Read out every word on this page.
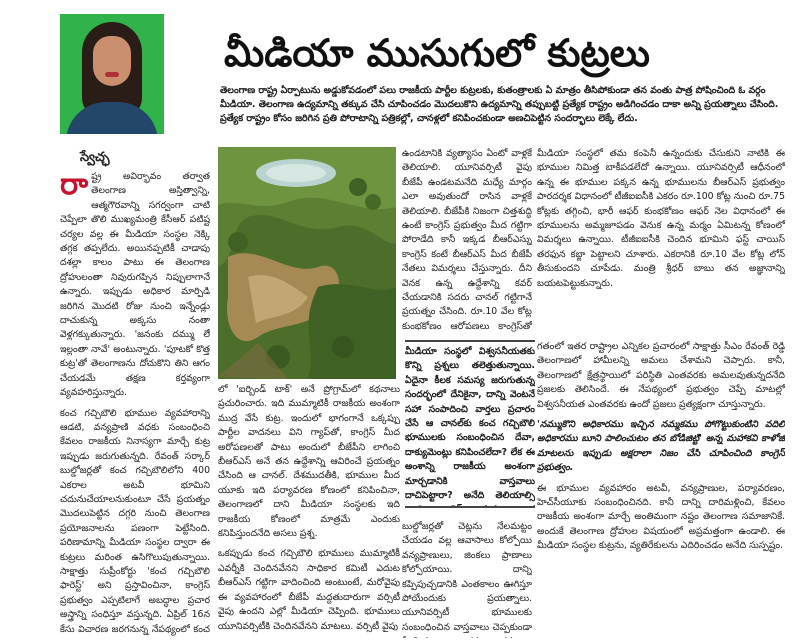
మీడియా ముసుగులో కుట్రలు
తెలంగాణ రాష్ట్ర ఏర్పాటును అడ్డుకోవడంలో పలు రాజకీయ పార్టీల కుట్రలకు, కుతంత్రాలకు ఏ మాత్రం తీసిపోకుండా తన వంతు పాత్ర పోషించింది ఓ వర్గం మీడియా. తెలంగాణ ఉద్యమాన్ని తక్కువ చేసి చూపించడం మొదలుకొని ఉద్యమాన్ని తప్పుబట్టి ప్రత్యేక రాష్ట్రం అడిగించడం దాకా అన్ని ప్రయత్నాలు చేసింది. ప్రత్యేక రాష్ట్రం కోసం జరిగిన ప్రతి పోరాటాన్ని పత్రికల్లో, చానళ్లలో కనిపించకుండా అణచిపెట్టిన సందర్భాలు లెక్కే లేదు.
స్వేచ్ఛ

రాష్ట్ర అవిర్భావం తర్వాత తెలంగాణ అస్తిత్వాన్ని, ఆత్మగౌరవాన్ని సగర్వంగా చాటి చెప్పేలా తొలి ముఖ్యమంత్రి కేసీఆర్ పటిష్ట చర్యల వల్ల ఈ మీడియా సంస్థల నెక్కి తగ్గక తప్పలేదు. అయినప్పటికీ చాడాపు దశల్లా కాలం పాటు ఈ తెలంగాణ ద్రోహులంతా నివురుగప్పిన నిప్పులాగానే ఉన్నారు. ఇప్పుడు అధికార మార్పిడి జరిగిన మొదటి రోజు నుంచి ఇన్నేండ్లు దాచుకున్న అక్కసు నంతా వెళ్లగక్కుతున్నారు. 'జనంకు దమ్ము లేే ఇల్లంతా నావే' అంటున్నారు. 'పూటకో కొత్త కుట్ర'తో తెలంగాణను దోచుకొని తిని ఆగం చేయడమే తక్షణ కర్తవ్యంగా వ్యవహరిస్తున్నారు.

కంచ గచ్చిబౌలి భూముల వ్యవహారాన్ని ఆడటి, వన్యప్రాణి వధకు సంబంధించి కేవలం రాజకీయ నినాస్యగా మార్చే కుట్ర ఇప్పుడు జరుగుతున్నది. రేవంత్ సర్కార్ బుల్డోజర్లతో కంచ గచ్చిబౌలిలోని 400 ఎకరాల అటవీ భూమిని చదునుచేయాలనుకుంటూ చేసే ప్రయత్నం మొదలుపెట్టిన దగ్గరి నుంచి తెలంగాణ ప్రయోజనాలను పణంగా పెట్టేసింది. పరిణామాన్ని మీడియా సంస్థల ద్వారా ఈ కుట్రలు మరింత ఉసిగొలుపుతున్నాయి. సాక్షాత్తు సుప్రీంకోర్టు 'కంచ గచ్చిబౌలి ఫారెస్ట్' అని ప్రస్తావించినా, కాంగ్రెస్ ప్రభుత్వం ఎప్పటిలాగే అబద్ధాల ప్రచార అస్త్రాన్ని సంధిస్తూ వస్తున్నది. ఏప్రిల్ 16న కేసు విచారణ జరగనున్న నేపథ్యంలో కంచ

లో 'ఐర్బిండ్ టాక్‌' అనే ప్రోగ్రామ్‌లో కథనాలు ప్రచురించారు. ఇది ముమ్మాటికీ రాజకీయ అంశంగా ముద్ర వేసే కుట్ర. ఇందులో భాగంగానే ఒక్కప్పు పార్టీల వాదనలు విని గ్యాప్‌తో, కాంగ్రెస్ మీద అరోపణలతో పాటు అందులో బీజేపీని లాగించి బీఆర్ఎస్ అనే తన ఉద్దేశాన్ని ఆవిరించే ప్రయత్నం చేసింది ఆ చానల్. దేశముదతీకి, భూముల మీద యూకు ఇది పర్యావరణ కోణంలో కనిపించినా, తెలంగాణలో దాని మీడియా సంస్థలకు ఇది రాజకీయ కోణంలో మాత్రమే ఎందుకు కనిపిస్తుందనేది అసలు ప్రశ్న.

ఒకప్పుడు కంచ గచ్చిబౌలి భూములు ముమ్మాటికీ ఎవర్నీకి చెందినవేనని సాధికార కమిటీ ఎదుట బీఆర్ఎస్ గట్టిగా వాదించింది అంటుంటే, మరోవైపు ఈ వ్యవహారంలో బీజేపీ మద్దతుదారుగా వర్సిటీ వైపు ఉందని ఎల్లో మీడియా చెప్పింది. భూములు యూనివర్సిటీకి చెందినవేనని మాటలు. వర్సిటీ వైపు

ఉండటానికి వ్యత్యాసం ఏంటో వాళ్లకే తెలియాలి. యూనివర్సిటీ వైపు బీజేపీ ఉండటమనేది మధ్యే మార్గం ఎలా అవుతుందో రాసిన వాళ్లకే తెలియాలి. బీజేపీకి నిజంగా చిత్తశుద్ధి ఉంటే కాంగ్రెస్ ప్రభుత్వం మీద గట్టిగా పోరాడేది కానీ ఇక్కడ బీఆర్ఎస్ను కాంగ్రెస్ కంటే బీఆర్ఎస్ మీద బీజేపీ నేతలు విమర్శలు చేస్తున్నారు. దీని వెనక ఉన్న ఉద్దేశాన్ని కవర్ చేయడానికి సదరు చానల్ గట్టిగానే ప్రయత్నం చేసింది. రూ.10 వేల కోట్ల కుంభకోణం ఆరోపణలు కాంగ్రెస్‌తో

మీడియా సంస్థలో తమ కంపెనీ ఉన్నందుకు చేసుకుని నాటికి ఈ భూముల నిమిత్త బాకీపడలేదో ఉన్నాయి. యూనివర్సిటీ ఆధీనంలో ఉన్న ఈ భూముల పక్కన ఉన్న భూములను బీఆర్ఎస్ ప్రభుత్వం పారదర్శక విధానంలో టీజీఐఐసీకి ఎకరం రూ.100 కోట్ల నుంచి రూ.75 కోట్లకు తగ్గించి, భారీ ఆఫర్ కుంభకోణం ఆఫర్ నెల విధానంలో ఈ భూములను అమ్మజూపడం వెనుక ఉన్న మర్మం ఏమిటన్న కోణంలో విమర్శలు ఉన్నాయి. టీజీఐఐసీకి చెందిన భూమిని ఫస్ట్ చాయిస్ తరఫున కబ్జా పెట్టాలని చూశారు. ఎకరానికి రూ.10 వేల కోట్ల లోన్ తీసుకుందని చూపేడు. మంత్రి శ్రీధర్ బాబు తన అజ్ఞానాన్ని బయటపెట్టుకున్నారు.

మీడియా సంస్థలో విశ్వసనీయతకు కొన్ని ప్రశ్నలు తలెత్తుతున్నాయి. ఏదైనా కీలక సమస్య జరుగుతున్న సందర్భంలో దేనికైనా, దాన్ని వెంటనే సహా సంపాదించి వార్తలు ప్రచారం చేసే ఆ చానల్‌కు కంచ గచ్చిబౌలి భూములకు సంబంధించిన దేవా, దాక్యుమెంట్లు కనిపించలేదా? లేక ఈ అంశాన్ని రాజకీయ అంశంగా మార్చడానికి వాస్తవాలు దాచిపెట్టారా? అనేది తెలియాల్సి

గతంలో ఇతర రాష్ట్రాల ఎన్నికల ప్రచారంలో సాక్షాత్తు సీఎం రేవంత్ రెడ్డి తెలంగాణలో హామీలన్ని అమలు చేశామని చెప్పారు. కానీ, తెలంగాణలో క్షేత్రస్థాయిలో పరిస్థితి ఎంతవరకు అమలవుతున్నదనేది ప్రజలకు తెలిసిందే. ఈ నేపథ్యంలో ప్రభుత్వం చెప్పే మాటల్లో విశ్వసనీయత ఎంతవరకు ఉందో ప్రజలు ప్రత్యక్షంగా చూస్తున్నారు.

'నమ్ముకొని అధికారము ఇచ్చిన నమ్మకము పోగొట్టుకుంటిని వదిలి అధికారము బూని పాలించుటం తన బోడిజిట్టి' అన్న మహాకవి కాళోజి మాటలను ఇప్పుడు అక్షరాలా నిజం చేసి చూపించింది కాంగ్రెస్ ప్రభుత్వం.

ఈ భూముల వ్యవహారం అటవీ, వన్యప్రాణుల, పర్యావరణం, హెచ్‌సీయూకు సంబంధించినది. కానీ దాన్ని దారిమళ్లించి, కేవలం రాజకీయ అంశంగా మార్చే అంతిమంగా నష్టం తెలంగాణ సమాజానికే. అందుకే తెలంగాణ ద్రోహుల విషయంలో అప్రమత్తంగా ఉండాలి. ఈ మీడియా సంస్థల కుట్రను, వ్యతిరేకులను ఎదిరించడం అనేది సుస్పష్టం.

బుల్డోజర్లతో చెట్లను నేలమట్టం చేయడం వల్ల ఆవాసాలు కోల్పోయి వన్యప్రాణులు, జింకలు ప్రాణాలు కోల్పోయాయి. దాన్ని కప్పిపుచ్చడానికి ఎంతకాలం ఊగిస్తూ పోయేందుకు ప్రయత్నాలు. యూనివర్సిటీ భూములకు సంబంధించిన వాస్తవాలు చెప్పకుండా
